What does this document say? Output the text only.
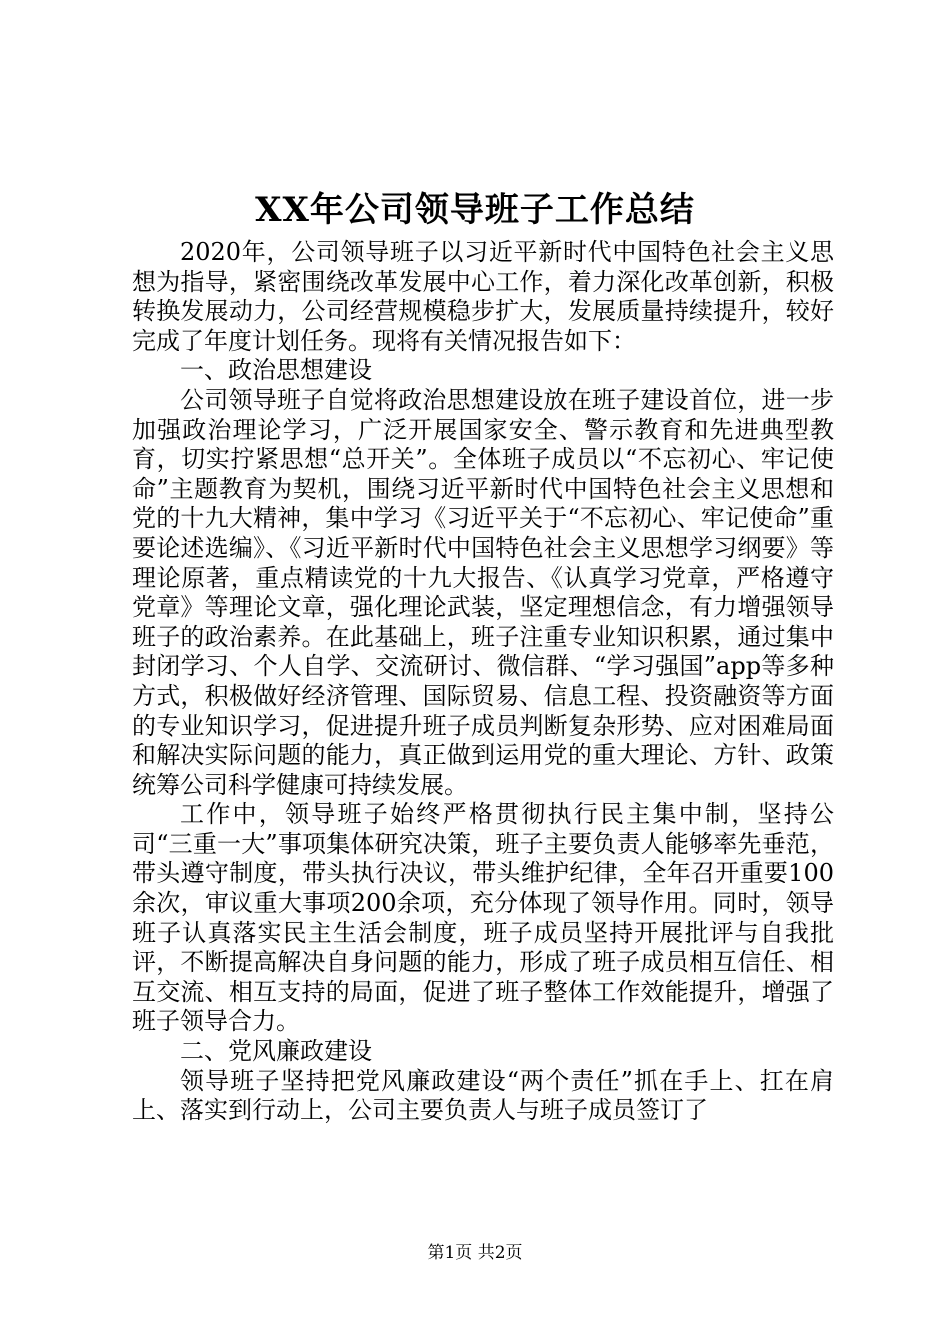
XX年公司领导班子工作总结

2020年，公司领导班子以习近平新时代中国特色社会主义思想为指导，紧密围绕改革发展中心工作，着力深化改革创新，积极转换发展动力，公司经营规模稳步扩大，发展质量持续提升，较好完成了年度计划任务。现将有关情况报告如下：

一、政治思想建设

公司领导班子自觉将政治思想建设放在班子建设首位，进一步加强政治理论学习，广泛开展国家安全、警示教育和先进典型教育，切实拧紧思想“总开关”。全体班子成员以“不忘初心、牢记使命”主题教育为契机，围绕习近平新时代中国特色社会主义思想和党的十九大精神，集中学习《习近平关于“不忘初心、牢记使命”重要论述选编》、《习近平新时代中国特色社会主义思想学习纲要》等理论原著，重点精读党的十九大报告、《认真学习党章，严格遵守党章》等理论文章，强化理论武装，坚定理想信念，有力增强领导班子的政治素养。在此基础上，班子注重专业知识积累，通过集中封闭学习、个人自学、交流研讨、微信群、“学习强国”app等多种方式，积极做好经济管理、国际贸易、信息工程、投资融资等方面的专业知识学习，促进提升班子成员判断复杂形势、应对困难局面和解决实际问题的能力，真正做到运用党的重大理论、方针、政策统筹公司科学健康可持续发展。

工作中，领导班子始终严格贯彻执行民主集中制，坚持公司“三重一大”事项集体研究决策，班子主要负责人能够率先垂范，带头遵守制度，带头执行决议，带头维护纪律，全年召开重要100余次，审议重大事项200余项，充分体现了领导作用。同时，领导班子认真落实民主生活会制度，班子成员坚持开展批评与自我批评，不断提高解决自身问题的能力，形成了班子成员相互信任、相互交流、相互支持的局面，促进了班子整体工作效能提升，增强了班子领导合力。

二、党风廉政建设

领导班子坚持把党风廉政建设“两个责任”抓在手上、扛在肩上、落实到行动上，公司主要负责人与班子成员签订了

第1页 共2页
